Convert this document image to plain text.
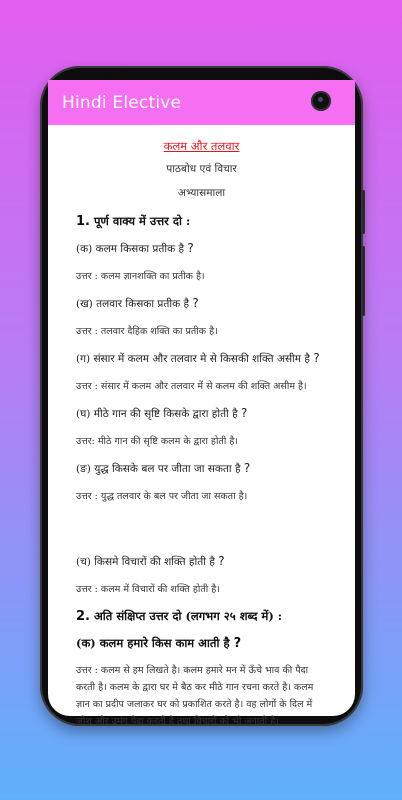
Hindi Elective
कलम और तलवार
पाठबोध एवं विचार
अभ्यासमाला
1. पूर्ण वाक्य में उत्तर दो :
(क) कलम किसका प्रतीक है ?
उत्तर : कलम ज्ञानशक्ति का प्रतीक है।
(ख) तलवार किसका प्रतीक है ?
उत्तर : तलवार दैहिक शक्ति का प्रतीक है।
(ग) संसार में कलम और तलवार मे से किसकी शक्ति असीम है ?
उत्तर : संसार में कलम और तलवार में से कलम की शक्ति असीम है।
(घ) मीठे गान की सृष्टि किसके द्वारा होती है ?
उत्तर: मीठे गान की सृष्टि कलम के द्वारा होती है।
(ङ) युद्ध किसके बल पर जीता जा सकता है ?
उत्तर : युद्ध तलवार के बल पर जीता जा सकता है।
(च) किसमे विचारों की शक्ति होती है ?
उत्तर : कलम में विचारों की शक्ति होती है।
2. अति संक्षिप्त उत्तर दो (लगभग २५ शब्द में) :
(क) कलम हमारे किस काम आती है ?
उत्तर : कलम से हम लिखते है। कलम हमारे मन में ऊँचे भाव की पैदा
करती है। कलम के द्वारा घर मे बैठ कर मीठे गान रचना करते है। कलम
ज्ञान का प्रदीप जलाकर घर को प्रकाशित करते है। वह लोगों के दिल में
जोश और उमंग पैदा करती है तथा विचारों को भी जगाती है।
